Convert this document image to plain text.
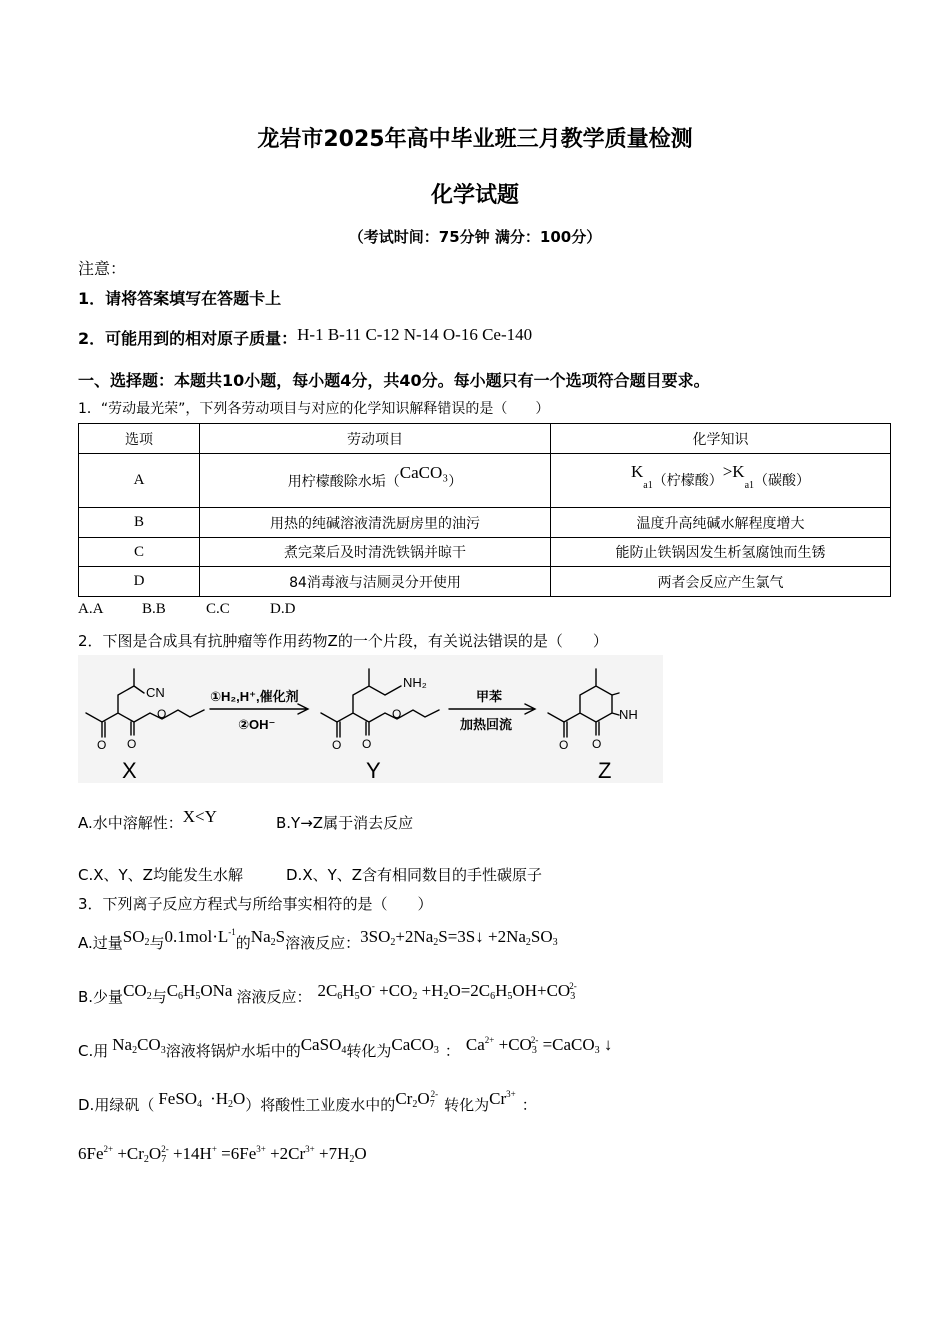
龙岩市2025年高中毕业班三月教学质量检测
化学试题
（考试时间：75分钟 满分：100分）
注意：
1．请将答案填写在答题卡上
2．可能用到的相对原子质量：H-1 B-11 C-12 N-14 O-16 Ce-140
一、选择题：本题共10小题，每小题4分，共40分。每小题只有一个选项符合题目要求。
1．“劳动最光荣”，下列各劳动项目与对应的化学知识解释错误的是（　　）
选项	劳动项目	化学知识
A	用柠檬酸除水垢（CaCO₃）	$K_{a1}$（柠檬酸）$>K_{a1}$（碳酸）
B	用热的纯碱溶液清洗厨房里的油污	温度升高纯碱水解程度增大
C	煮完菜后及时清洗铁锅并晾干	能防止铁锅因发生析氢腐蚀而生锈
D	84消毒液与洁厕灵分开使用	两者会反应产生氯气
A.A	B.B	C.C	D.D
2．下图是合成具有抗肿瘤等作用药物Z的一个片段，有关说法错误的是（　　）
CN
NH₂
NH
O O
O
O O
O
O O
①H₂,H⁺,催化剂
②OH⁻
甲苯
加热回流
X	Y	Z
A.水中溶解性：X<Y	B.Y→Z属于消去反应
C.X、Y、Z均能发生水解	D.X、Y、Z含有相同数目的手性碳原子
3．下列离子反应方程式与所给事实相符的是（　　）
A.过量$SO_2$与$0.1mol\cdot L^{-1}$的$Na_2S$溶液反应：$3SO_2+2Na_2S=3S↓ +2Na_2SO_3$
B.少量$CO_2$与$C_6H_5ONa$ 溶液反应： $2C_6H_5O^- +CO_2 +H_2O=2C_6H_5OH+CO_3^{2-}$
C.用 $Na_2CO_3$溶液将锅炉水垢中的CaSO$_4$转化为CaCO$_3$ ： $Ca^{2+} +CO_3^{2-}$ =CaCO$_3$ ↓
D.用绿矾（ FeSO$_4$ $\cdot H_2O$）将酸性工业废水中的$Cr_2O_7^{2-}$转化为$Cr^{3+}$：
$6Fe^{2+} +Cr_2O_7^{2-} +14H^+ =6Fe^{3+} +2Cr^{3+} +7H_2O$
